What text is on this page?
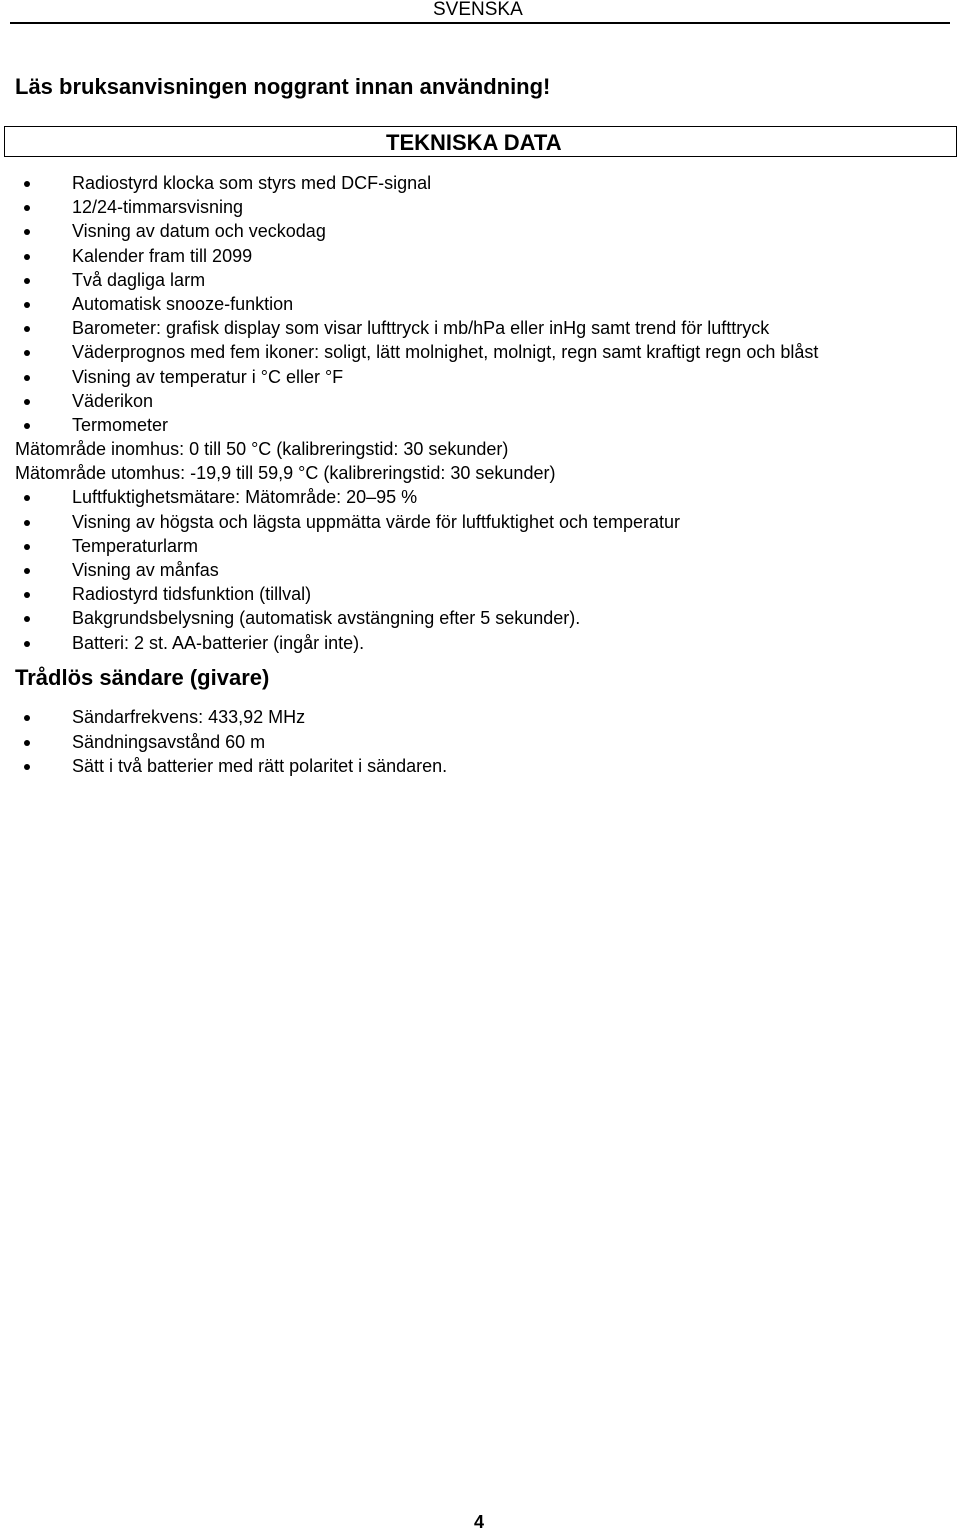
SVENSKA
Läs bruksanvisningen noggrant innan användning!
TEKNISKA DATA
Radiostyrd klocka som styrs med DCF-signal
12/24-timmarsvisning
Visning av datum och veckodag
Kalender fram till 2099
Två dagliga larm
Automatisk snooze-funktion
Barometer: grafisk display som visar lufttryck i mb/hPa eller inHg samt trend för lufttryck
Väderprognos med fem ikoner: soligt, lätt molnighet, molnigt, regn samt kraftigt regn och blåst
Visning av temperatur i °C eller °F
Väderikon
Termometer
Mätområde inomhus: 0 till 50 °C (kalibreringstid: 30 sekunder)
Mätområde utomhus: -19,9 till 59,9 °C (kalibreringstid: 30 sekunder)
Luftfuktighetsmätare: Mätområde: 20–95 %
Visning av högsta och lägsta uppmätta värde för luftfuktighet och temperatur
Temperaturlarm
Visning av månfas
Radiostyrd tidsfunktion (tillval)
Bakgrundsbelysning (automatisk avstängning efter 5 sekunder).
Batteri: 2 st. AA-batterier (ingår inte).
Trådlös sändare (givare)
Sändarfrekvens: 433,92 MHz
Sändningsavstånd 60 m
Sätt i två batterier med rätt polaritet i sändaren.
4
